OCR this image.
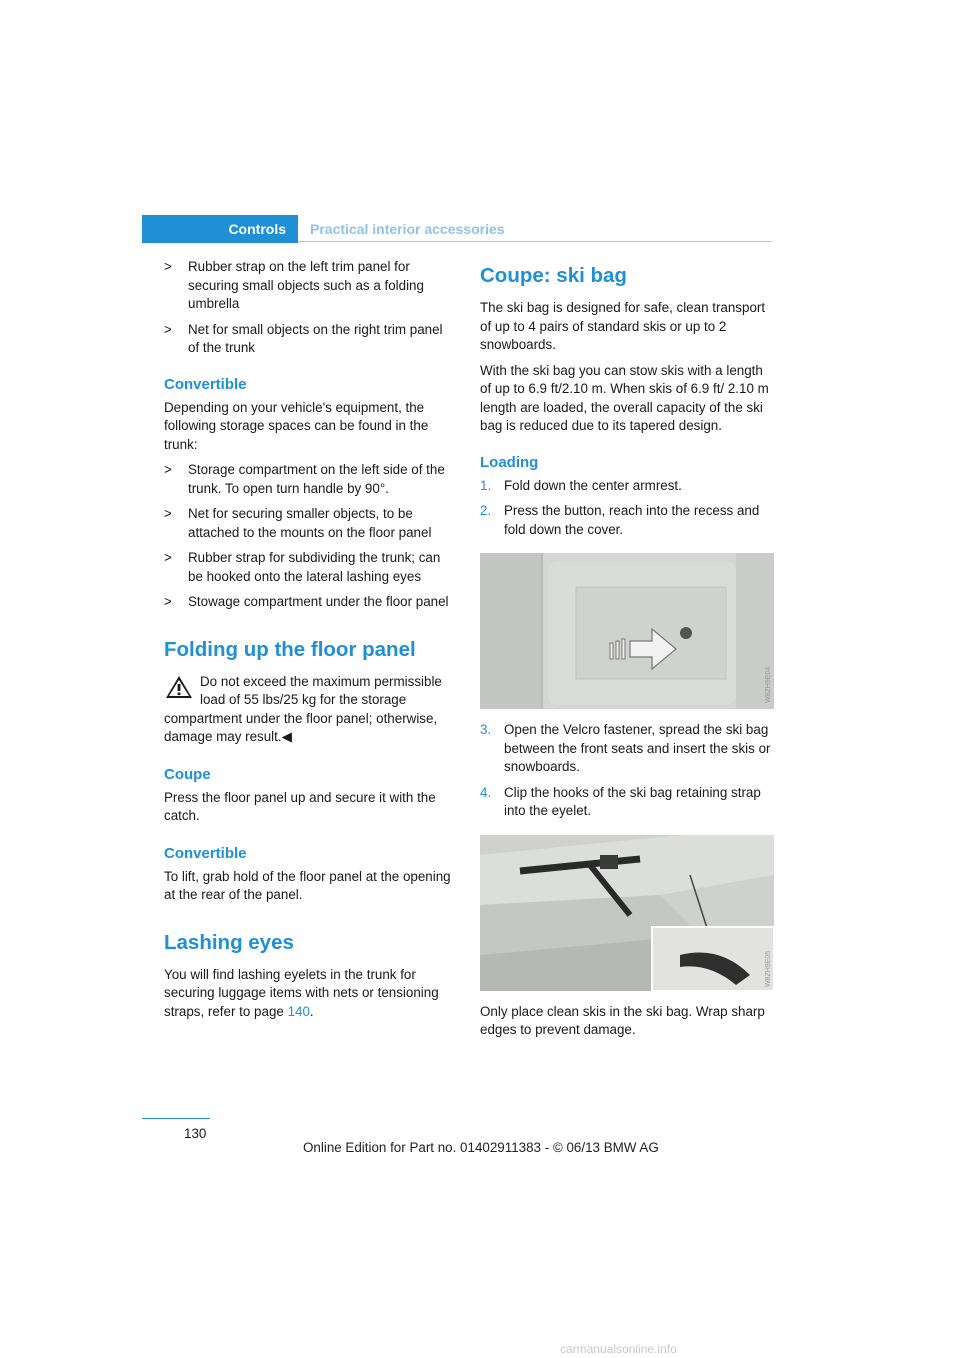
Controls	Practical interior accessories
> Rubber strap on the left trim panel for securing small objects such as a folding umbrella
> Net for small objects on the right trim panel of the trunk
Convertible

Depending on your vehicle's equipment, the following storage spaces can be found in the trunk:

> Storage compartment on the left side of the trunk. To open turn handle by 90°.
> Net for securing smaller objects, to be attached to the mounts on the floor panel
> Rubber strap for subdividing the trunk; can be hooked onto the lateral lashing eyes
> Stowage compartment under the floor panel
Folding up the floor panel
Do not exceed the maximum permissible
load of 55 lbs/25 kg for the storage
compartment under the floor panel; otherwise, damage may result.◀
Coupe

Press the floor panel up and secure it with the catch.

Convertible

To lift, grab hold of the floor panel at the opening at the rear of the panel.

Lashing eyes

You will find lashing eyelets in the trunk for securing luggage items with nets or tensioning straps, refer to page 140.

Coupe: ski bag

The ski bag is designed for safe, clean transport of up to 4 pairs of standard skis or up to 2 snowboards.

With the ski bag you can stow skis with a length of up to 6.9 ft/2.10 m. When skis of 6.9 ft/ 2.10 m length are loaded, the overall capacity of the ski bag is reduced due to its tapered design.

Loading
1. Fold down the center armrest.
2. Press the button, reach into the recess and fold down the cover.
W8ZH9E04
3. Open the Velcro fastener, spread the ski bag between the front seats and insert the skis or snowboards.
4. Clip the hooks of the ski bag retaining strap into the eyelet.
W8ZH9E05

Only place clean skis in the ski bag. Wrap sharp edges to prevent damage.

130
Online Edition for Part no. 01402911383 - © 06/13 BMW AG
carmanualsonline.info
